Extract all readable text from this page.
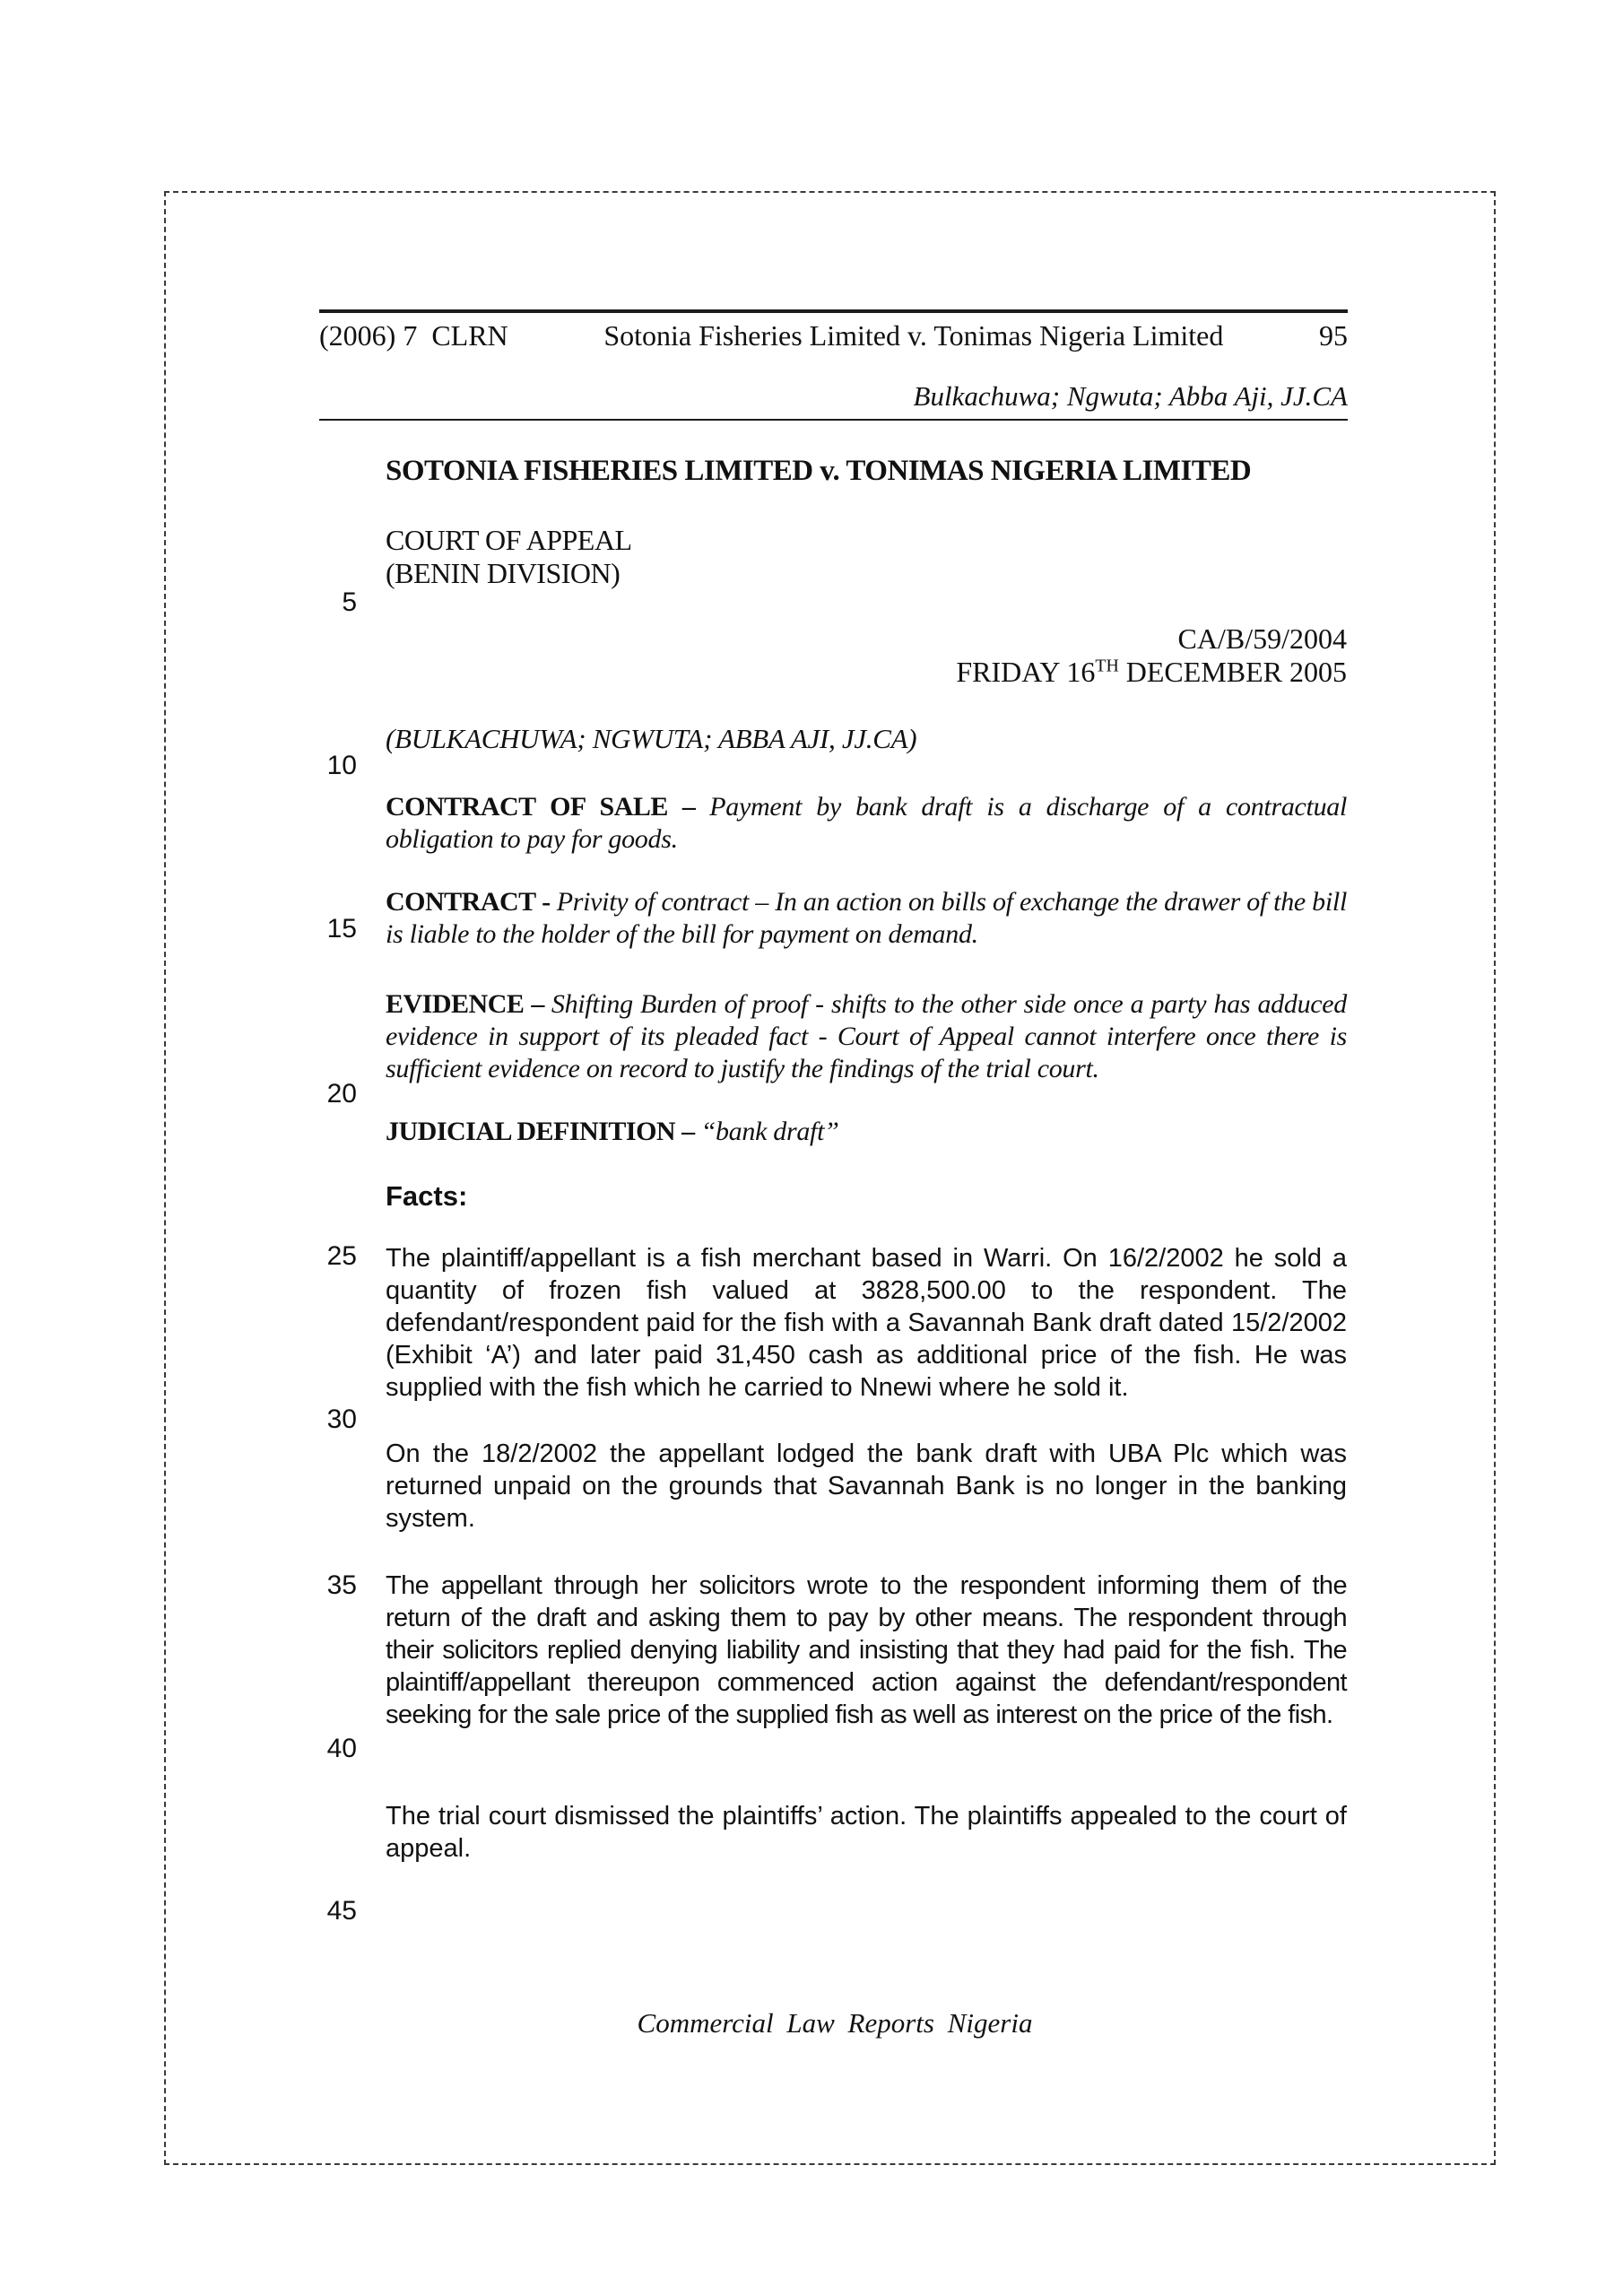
(2006) 7  CLRN	Sotonia Fisheries Limited v. Tonimas Nigeria Limited	95
Bulkachuwa; Ngwuta; Abba Aji, JJ.CA
SOTONIA FISHERIES LIMITED v. TONIMAS NIGERIA LIMITED
COURT OF APPEAL
(BENIN DIVISION)
CA/B/59/2004
FRIDAY 16TH DECEMBER 2005
(BULKACHUWA; NGWUTA; ABBA AJI, JJ.CA)
CONTRACT OF SALE – Payment by bank draft is a discharge of a contractual obligation to pay for goods.
CONTRACT - Privity of contract – In an action on bills of exchange the drawer of the bill is liable to the holder of the bill for payment on demand.
EVIDENCE – Shifting Burden of proof - shifts to the other side once a party has adduced evidence in support of its pleaded fact - Court of Appeal cannot interfere once there is sufficient evidence on record to justify the findings of the trial court.
JUDICIAL DEFINITION – “bank draft”
Facts:
The plaintiff/appellant is a fish merchant based in Warri. On 16/2/2002 he sold a quantity of frozen fish valued at 3828,500.00 to the respondent. The defendant/respondent paid for the fish with a Savannah Bank draft dated 15/2/2002 (Exhibit ‘A’) and later paid 31,450 cash as additional price of the fish. He was supplied with the fish which he carried to Nnewi where he sold it.
On the 18/2/2002 the appellant lodged the bank draft with UBA Plc which was returned unpaid on the grounds that Savannah Bank is no longer in the banking system.
The appellant through her solicitors wrote to the respondent informing them of the return of the draft and asking them to pay by other means. The respondent through their solicitors replied denying liability and insisting that they had paid for the fish. The plaintiff/appellant thereupon commenced action against the defendant/respondent seeking for the sale price of the supplied fish as well as interest on the price of the fish.
The trial court dismissed the plaintiffs’ action. The plaintiffs appealed to the court of appeal.
5
10
15
20
25
30
35
40
45
Commercial Law Reports Nigeria
